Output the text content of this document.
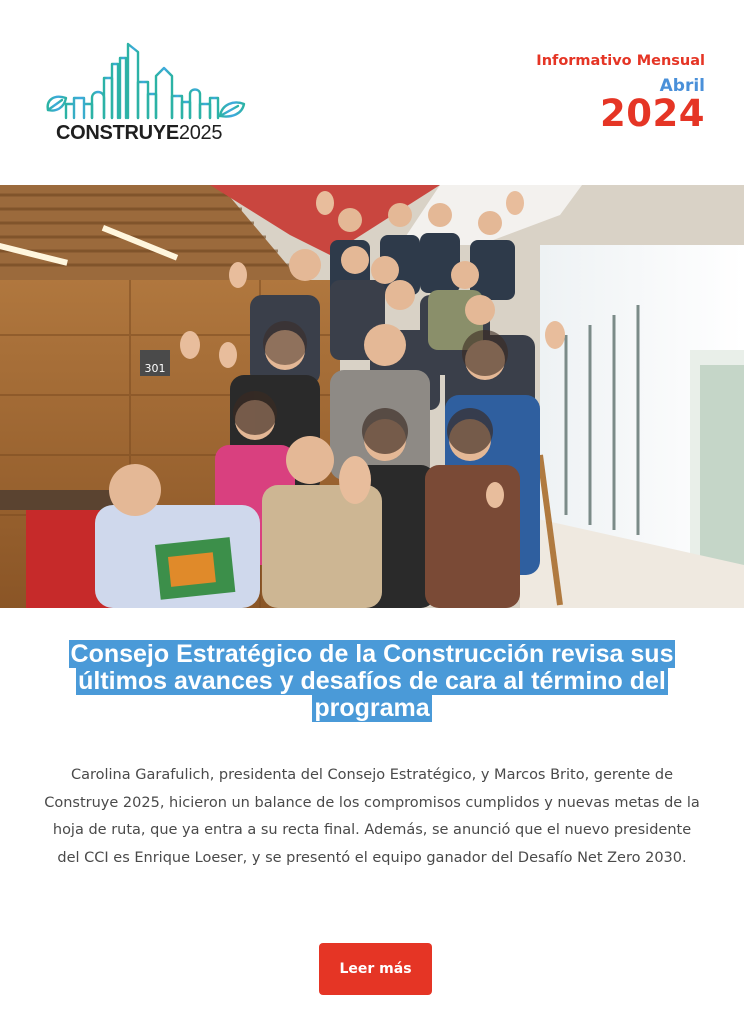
CONSTRUYE2025
Informativo Mensual
Abril
2024
301
Consejo Estratégico de la Construcción revisa sus últimos avances y desafíos de cara al término del programa

Carolina Garafulich, presidenta del Consejo Estratégico, y Marcos Brito, gerente de Construye 2025, hicieron un balance de los compromisos cumplidos y nuevas metas de la hoja de ruta, que ya entra a su recta final. Además, se anunció que el nuevo presidente del CCI es Enrique Loeser, y se presentó el equipo ganador del Desafío Net Zero 2030.

Leer más
